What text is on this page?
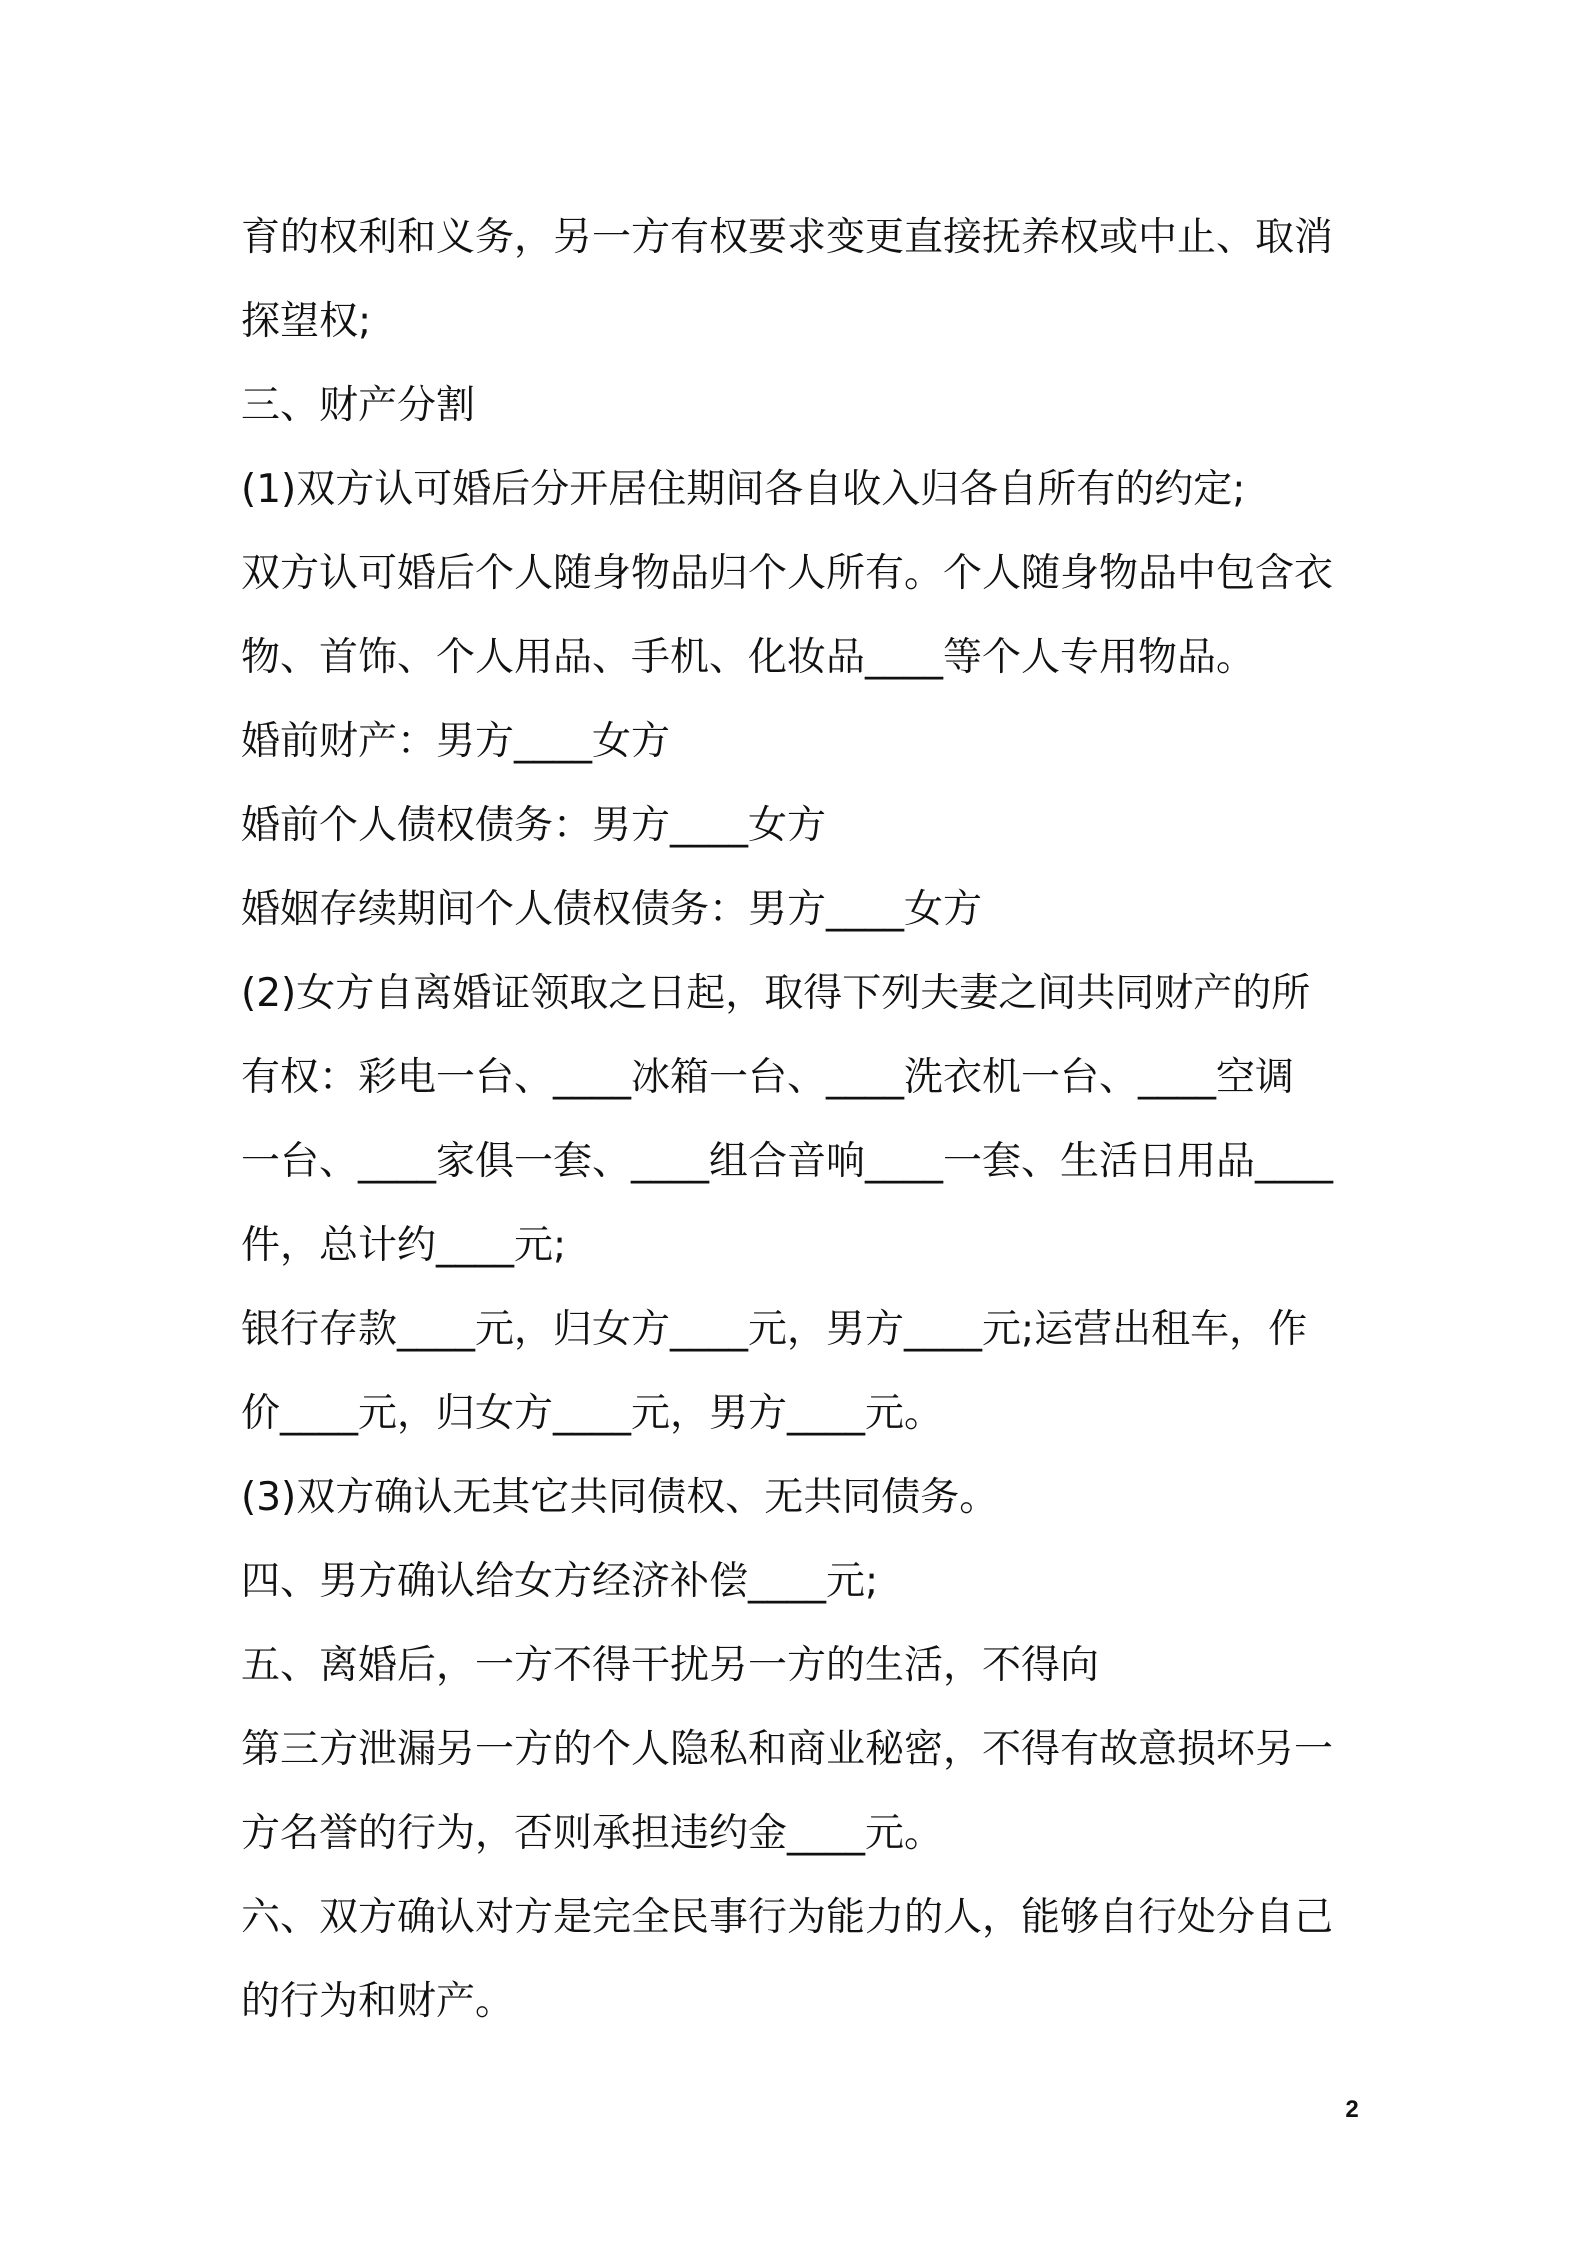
育的权利和义务，另一方有权要求变更直接抚养权或中止、取消
探望权;
三、财产分割
(1)双方认可婚后分开居住期间各自收入归各自所有的约定;
双方认可婚后个人随身物品归个人所有。个人随身物品中包含衣
物、首饰、个人用品、手机、化妆品____等个人专用物品。
婚前财产：男方____女方
婚前个人债权债务：男方____女方
婚姻存续期间个人债权债务：男方____女方
(2)女方自离婚证领取之日起，取得下列夫妻之间共同财产的所
有权：彩电一台、____冰箱一台、____洗衣机一台、____空调
一台、____家俱一套、____组合音响____一套、生活日用品____
件，总计约____元;
银行存款____元，归女方____元，男方____元;运营出租车，作
价____元，归女方____元，男方____元。
(3)双方确认无其它共同债权、无共同债务。
四、男方确认给女方经济补偿____元;
五、离婚后，一方不得干扰另一方的生活，不得向
第三方泄漏另一方的个人隐私和商业秘密，不得有故意损坏另一
方名誉的行为，否则承担违约金____元。
六、双方确认对方是完全民事行为能力的人，能够自行处分自己
的行为和财产。
2
